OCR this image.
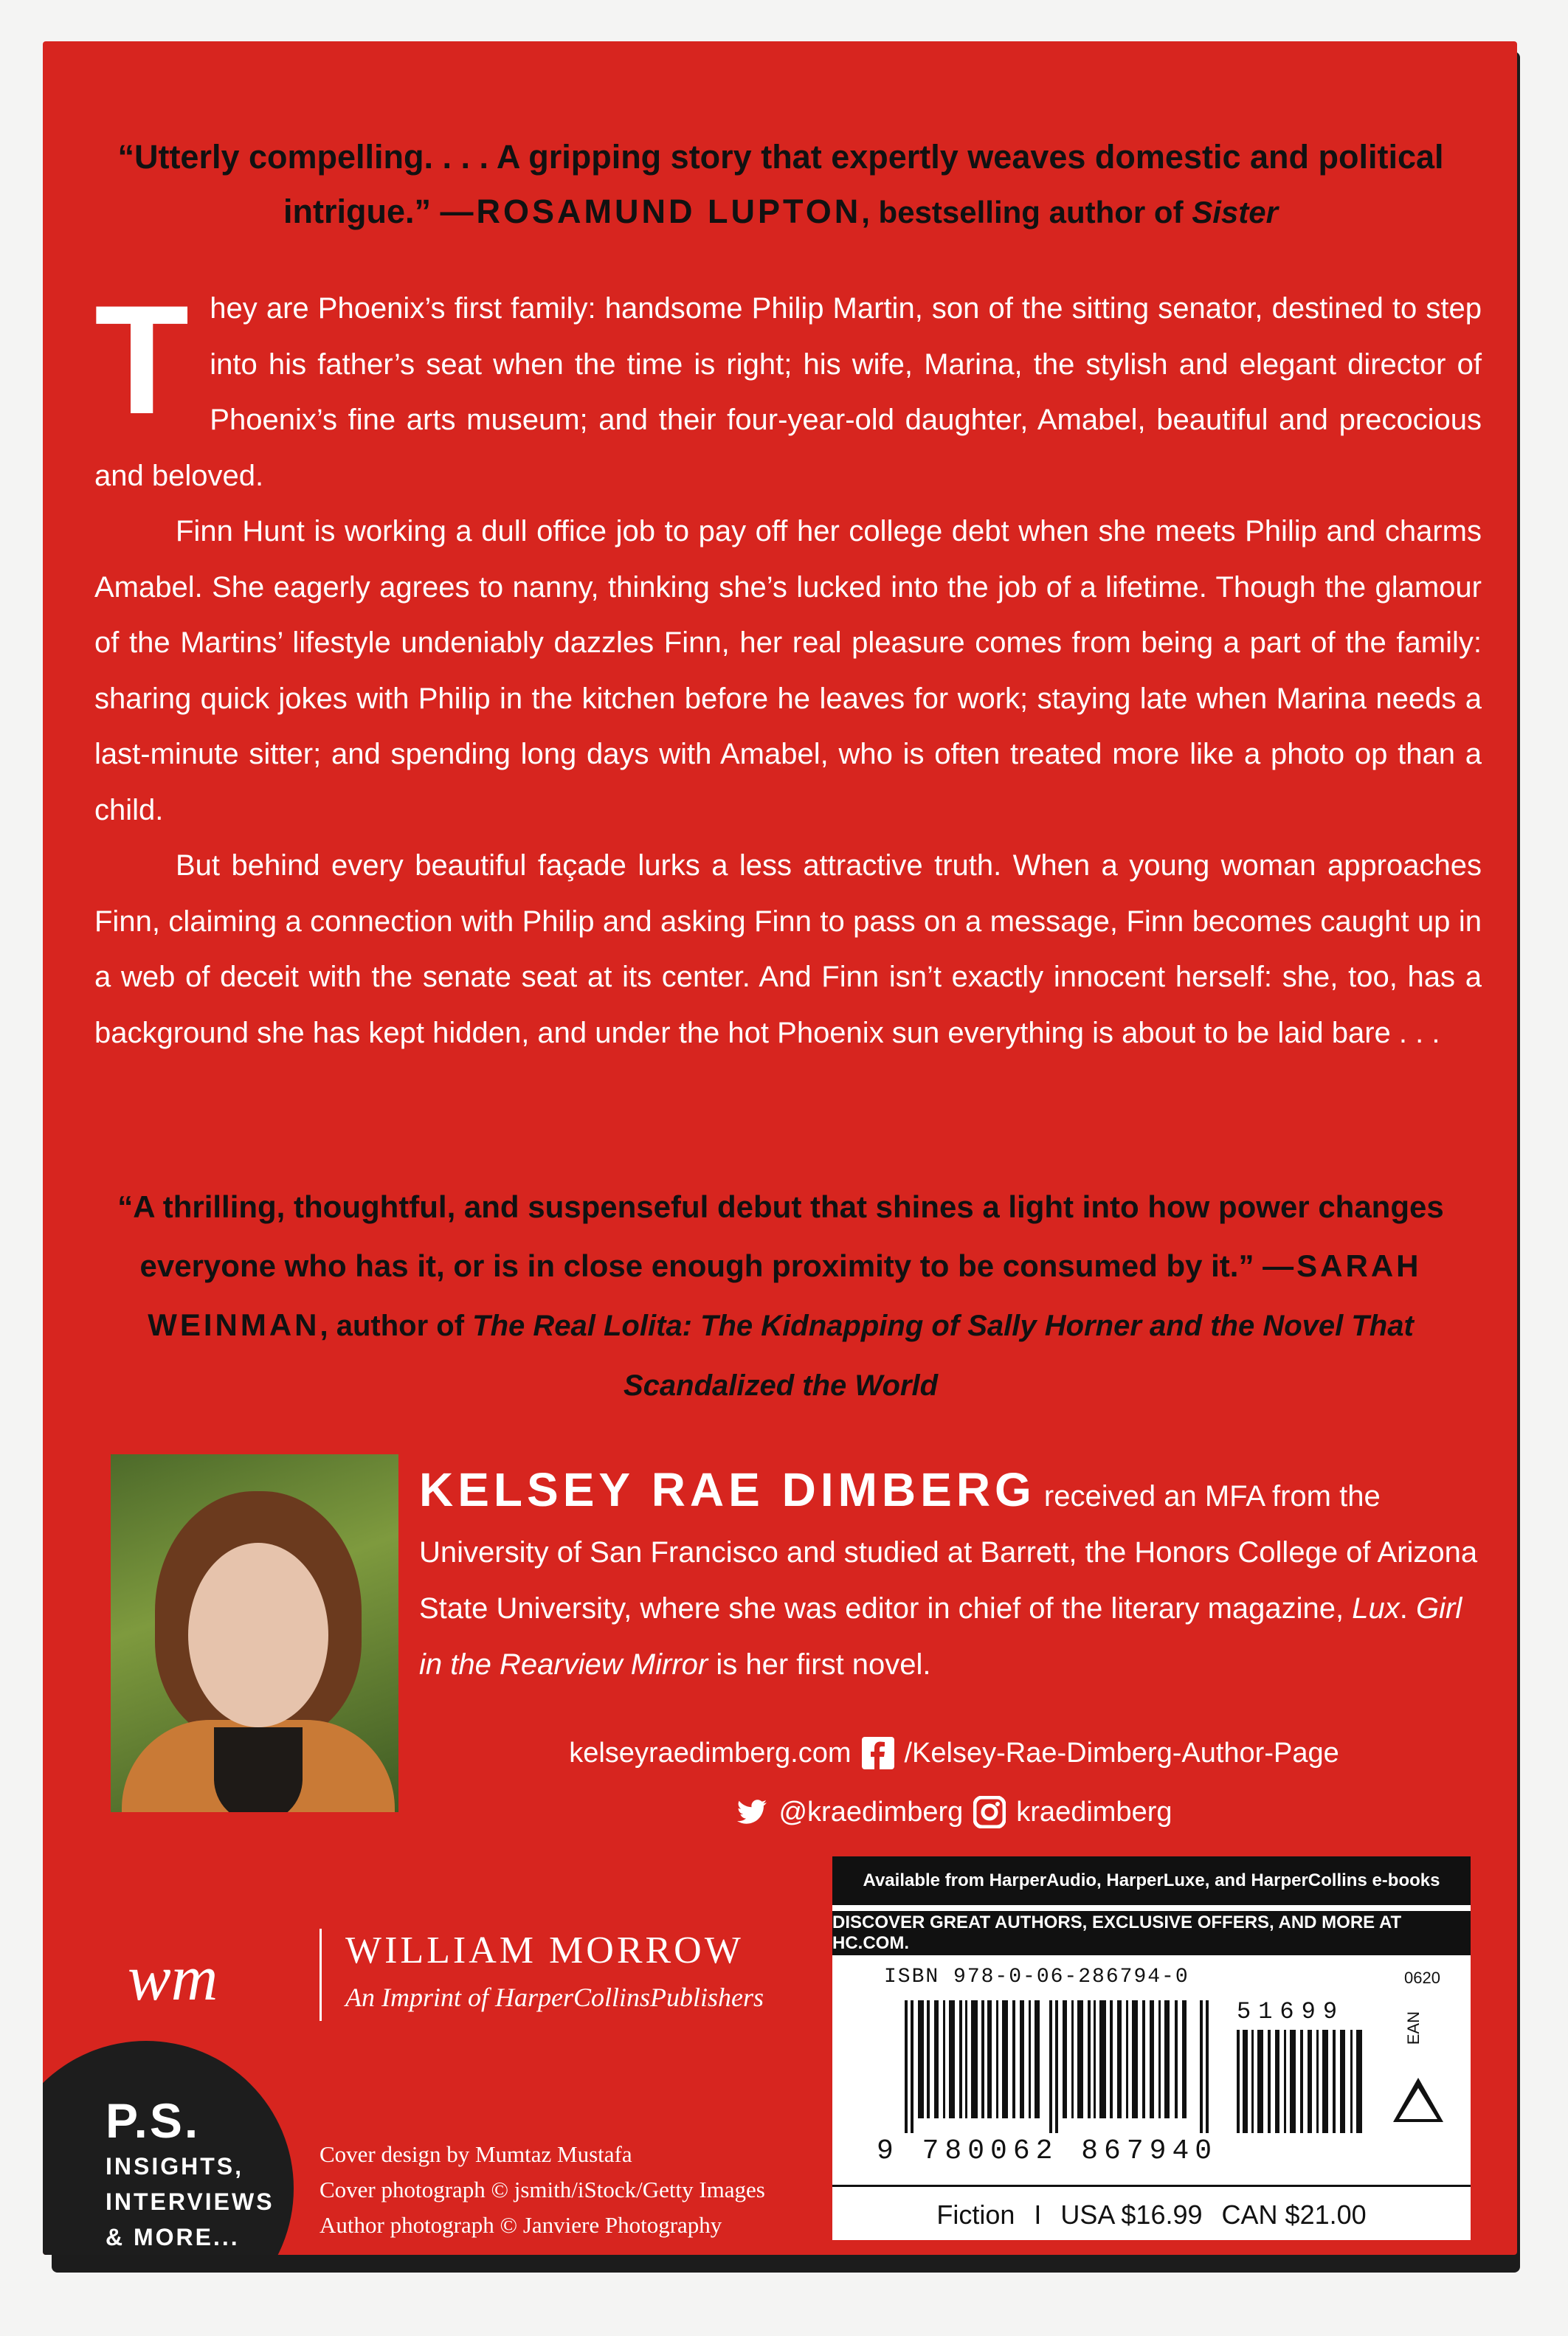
“Utterly compelling. . . . A gripping story that expertly weaves domestic and political intrigue.” —ROSAMUND LUPTON, bestselling author of Sister

They are Phoenix’s first family: handsome Philip Martin, son of the sitting senator, destined to step into his father’s seat when the time is right; his wife, Marina, the stylish and elegant director of Phoenix’s fine arts museum; and their four-year-old daughter, Amabel, beautiful and precocious and beloved.

Finn Hunt is working a dull office job to pay off her college debt when she meets Philip and charms Amabel. She eagerly agrees to nanny, thinking she’s lucked into the job of a lifetime. Though the glamour of the Martins’ lifestyle undeniably dazzles Finn, her real pleasure comes from being a part of the family: sharing quick jokes with Philip in the kitchen before he leaves for work; staying late when Marina needs a last-minute sitter; and spending long days with Amabel, who is often treated more like a photo op than a child.

But behind every beautiful façade lurks a less attractive truth. When a young woman approaches Finn, claiming a connection with Philip and asking Finn to pass on a message, Finn becomes caught up in a web of deceit with the senate seat at its center. And Finn isn’t exactly innocent herself: she, too, has a background she has kept hidden, and under the hot Phoenix sun everything is about to be laid bare . . .

“A thrilling, thoughtful, and suspenseful debut that shines a light into how power changes everyone who has it, or is in close enough proximity to be consumed by it.” —SARAH WEINMAN, author of The Real Lolita: The Kidnapping of Sally Horner and the Novel That Scandalized the World
KELSEY RAE DIMBERG received an MFA from the University of San Francisco and studied at Barrett, the Honors College of Arizona State University, where she was editor in chief of the literary magazine, Lux. Girl in the Rearview Mirror is her first novel.
kelseyraedimberg.com /Kelsey-Rae-Dimberg-Author-Page
@kraedimberg kraedimberg
wm	WILLIAM MORROW
An Imprint of HarperCollinsPublishers
P.S.
INSIGHTS,
INTERVIEWS
& MORE...
Cover design by Mumtaz Mustafa
Cover photograph © jsmith/iStock/Getty Images
Author photograph © Janviere Photography
Available from HarperAudio, HarperLuxe, and HarperCollins e-books
DISCOVER GREAT AUTHORS, EXCLUSIVE OFFERS, AND MORE AT HC.COM.
ISBN 978-0-06-286794-0	0620
51699	EAN
9 780062 867940
Fiction I USA $16.99 CAN $21.00
